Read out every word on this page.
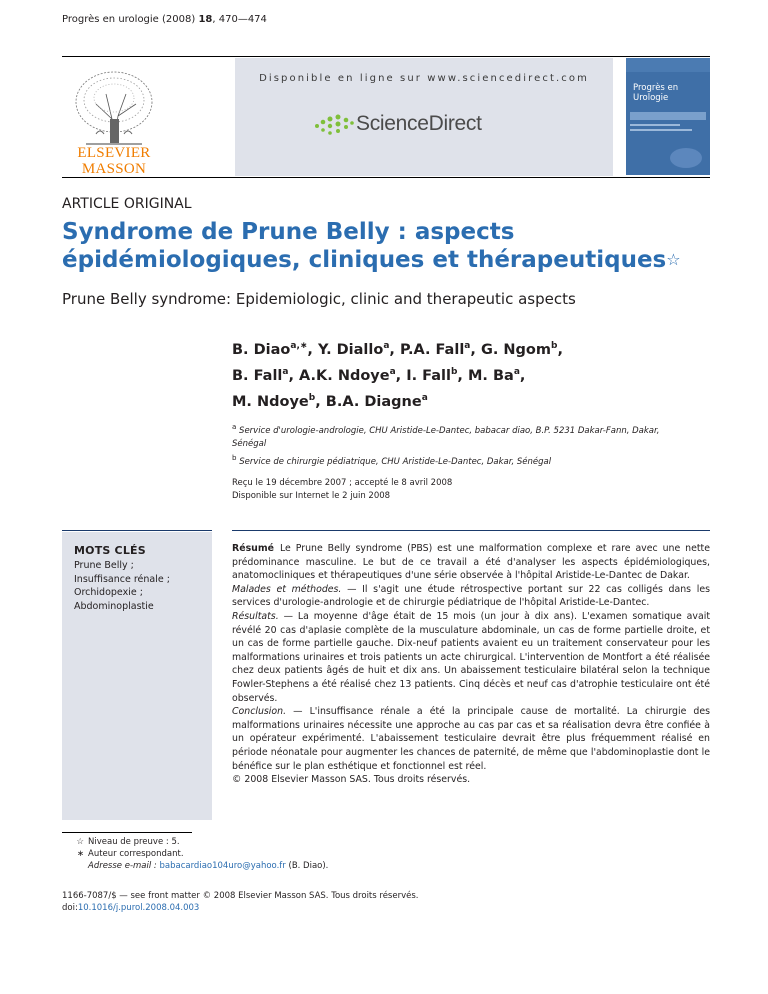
Progrès en urologie (2008) 18, 470—474
ELSEVIER
MASSON
Disponible en ligne sur www.sciencedirect.com
ScienceDirect
Progrès en
Urologie
ARTICLE ORIGINAL
Syndrome de Prune Belly : aspects épidémiologiques, cliniques et thérapeutiques☆
Prune Belly syndrome: Epidemiologic, clinic and therapeutic aspects
B. Diao$^{a,∗}$, Y. Diallo$^a$, P.A. Fall$^a$, G. Ngom$^b$,
B. Fall$^a$, A.K. Ndoye$^a$, I. Fall$^b$, M. Ba$^a$,
M. Ndoye$^b$, B.A. Diagne$^a$
$^a$ Service d'urologie-andrologie, CHU Aristide-Le-Dantec, babacar diao, B.P. 5231 Dakar-Fann, Dakar, Sénégal
$^b$ Service de chirurgie pédiatrique, CHU Aristide-Le-Dantec, Dakar, Sénégal
Reçu le 19 décembre 2007 ; accepté le 8 avril 2008
Disponible sur Internet le 2 juin 2008
MOTS CLÉS
Prune Belly ;
Insuffisance rénale ;
Orchidopexie ;
Abdominoplastie

Résumé Le Prune Belly syndrome (PBS) est une malformation complexe et rare avec une nette prédominance masculine. Le but de ce travail a été d'analyser les aspects épidémiologiques, anatomocliniques et thérapeutiques d'une série observée à l'hôpital Aristide-Le-Dantec de Dakar.

Malades et méthodes. — Il s'agit une étude rétrospective portant sur 22 cas colligés dans les services d'urologie-andrologie et de chirurgie pédiatrique de l'hôpital Aristide-Le-Dantec.

Résultats. — La moyenne d'âge était de 15 mois (un jour à dix ans). L'examen somatique avait révélé 20 cas d'aplasie complète de la musculature abdominale, un cas de forme partielle droite, et un cas de forme partielle gauche. Dix-neuf patients avaient eu un traitement conservateur pour les malformations urinaires et trois patients un acte chirurgical. L'intervention de Montfort a été réalisée chez deux patients âgés de huit et dix ans. Un abaissement testiculaire bilatéral selon la technique Fowler-Stephens a été réalisé chez 13 patients. Cinq décès et neuf cas d'atrophie testiculaire ont été observés.

Conclusion. — L'insuffisance rénale a été la principale cause de mortalité. La chirurgie des malformations urinaires nécessite une approche au cas par cas et sa réalisation devra être confiée à un opérateur expérimenté. L'abaissement testiculaire devrait être plus fréquemment réalisé en période néonatale pour augmenter les chances de paternité, de même que l'abdominoplastie dont le bénéfice sur le plan esthétique et fonctionnel est réel.

© 2008 Elsevier Masson SAS. Tous droits réservés.

☆ Niveau de preuve : 5.
∗ Auteur correspondant.
Adresse e-mail : babacardiao104uro@yahoo.fr (B. Diao).
1166-7087/$ — see front matter © 2008 Elsevier Masson SAS. Tous droits réservés.
doi:10.1016/j.purol.2008.04.003
